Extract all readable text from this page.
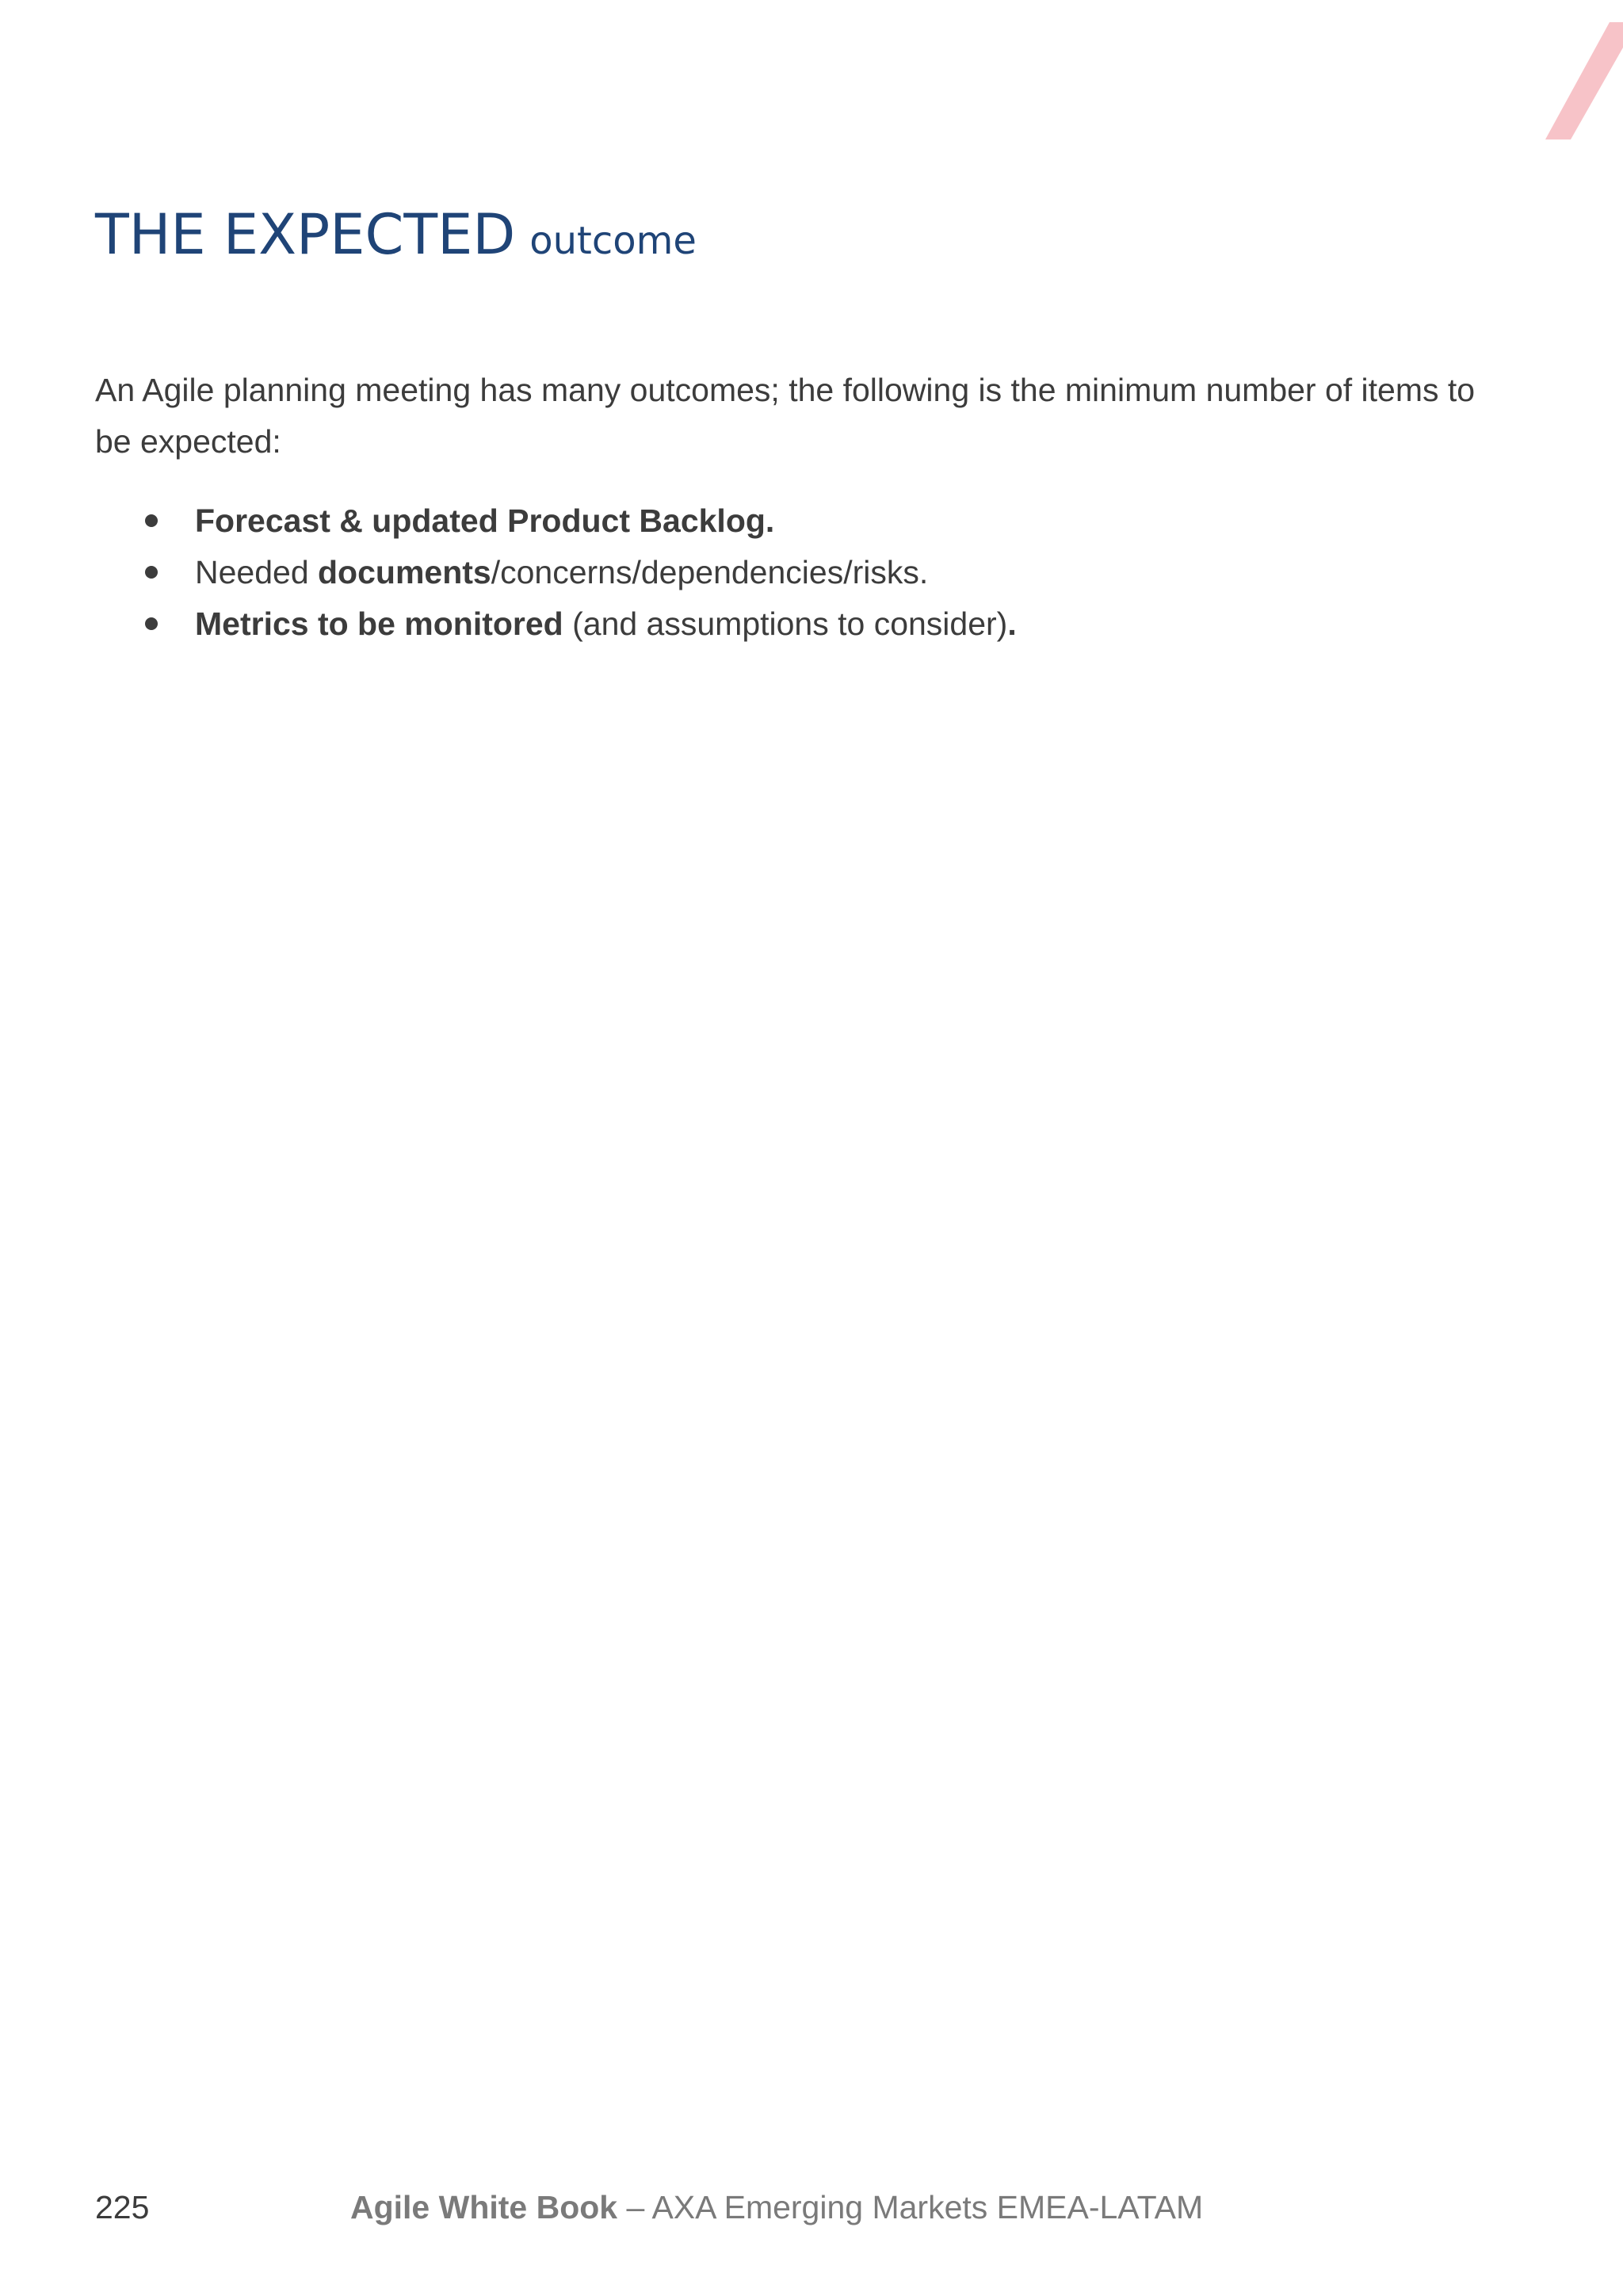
THE EXPECTED outcome

An Agile planning meeting has many outcomes; the following is the minimum number of items to be expected:

Forecast & updated Product Backlog.
Needed documents/concerns/dependencies/risks.
Metrics to be monitored (and assumptions to consider).
225	Agile White Book – AXA Emerging Markets EMEA-LATAM
